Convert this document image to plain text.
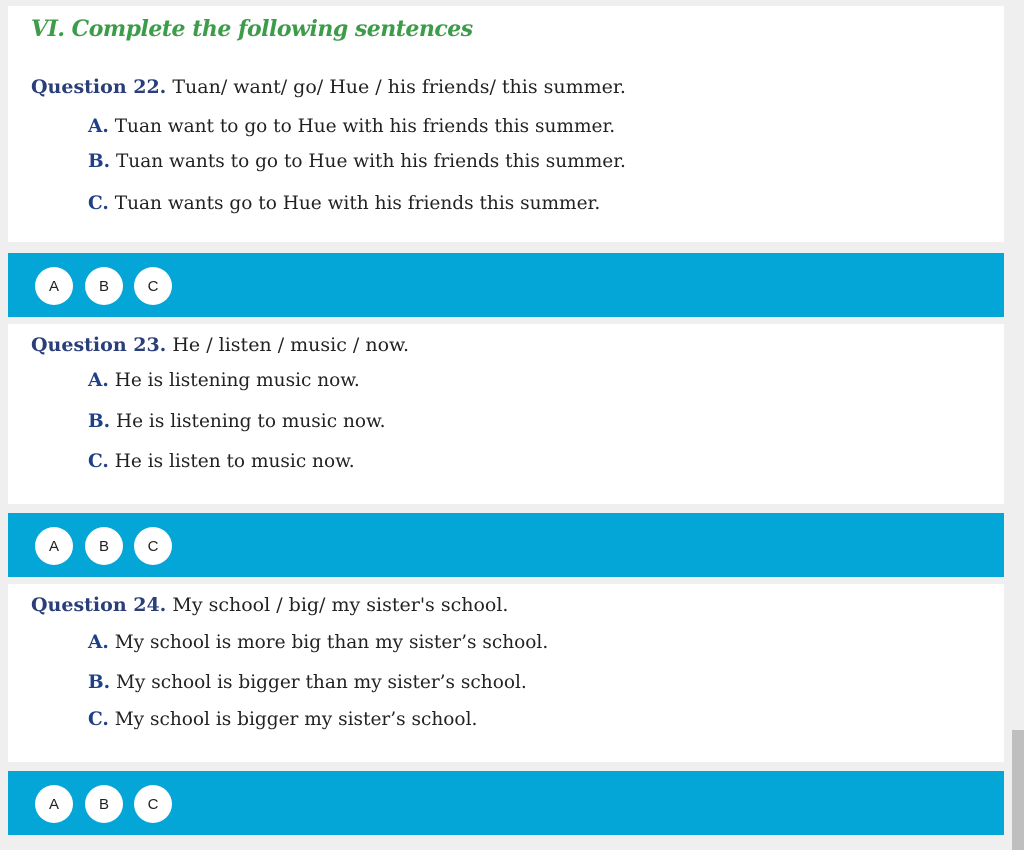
VI. Complete the following sentences
Question 22. Tuan/ want/ go/ Hue / his friends/ this summer.
A. Tuan want to go to Hue with his friends this summer.
B. Tuan wants to go to Hue with his friends this summer.
C. Tuan wants go to Hue with his friends this summer.
A	B	C
Question 23. He / listen / music / now.
A. He is listening music now.
B. He is listening to music now.
C. He is listen to music now.
A	B	C
Question 24. My school / big/ my sister's school.
A. My school is more big than my sister’s school.
B. My school is bigger than my sister’s school.
C. My school is bigger my sister’s school.
A	B	C
